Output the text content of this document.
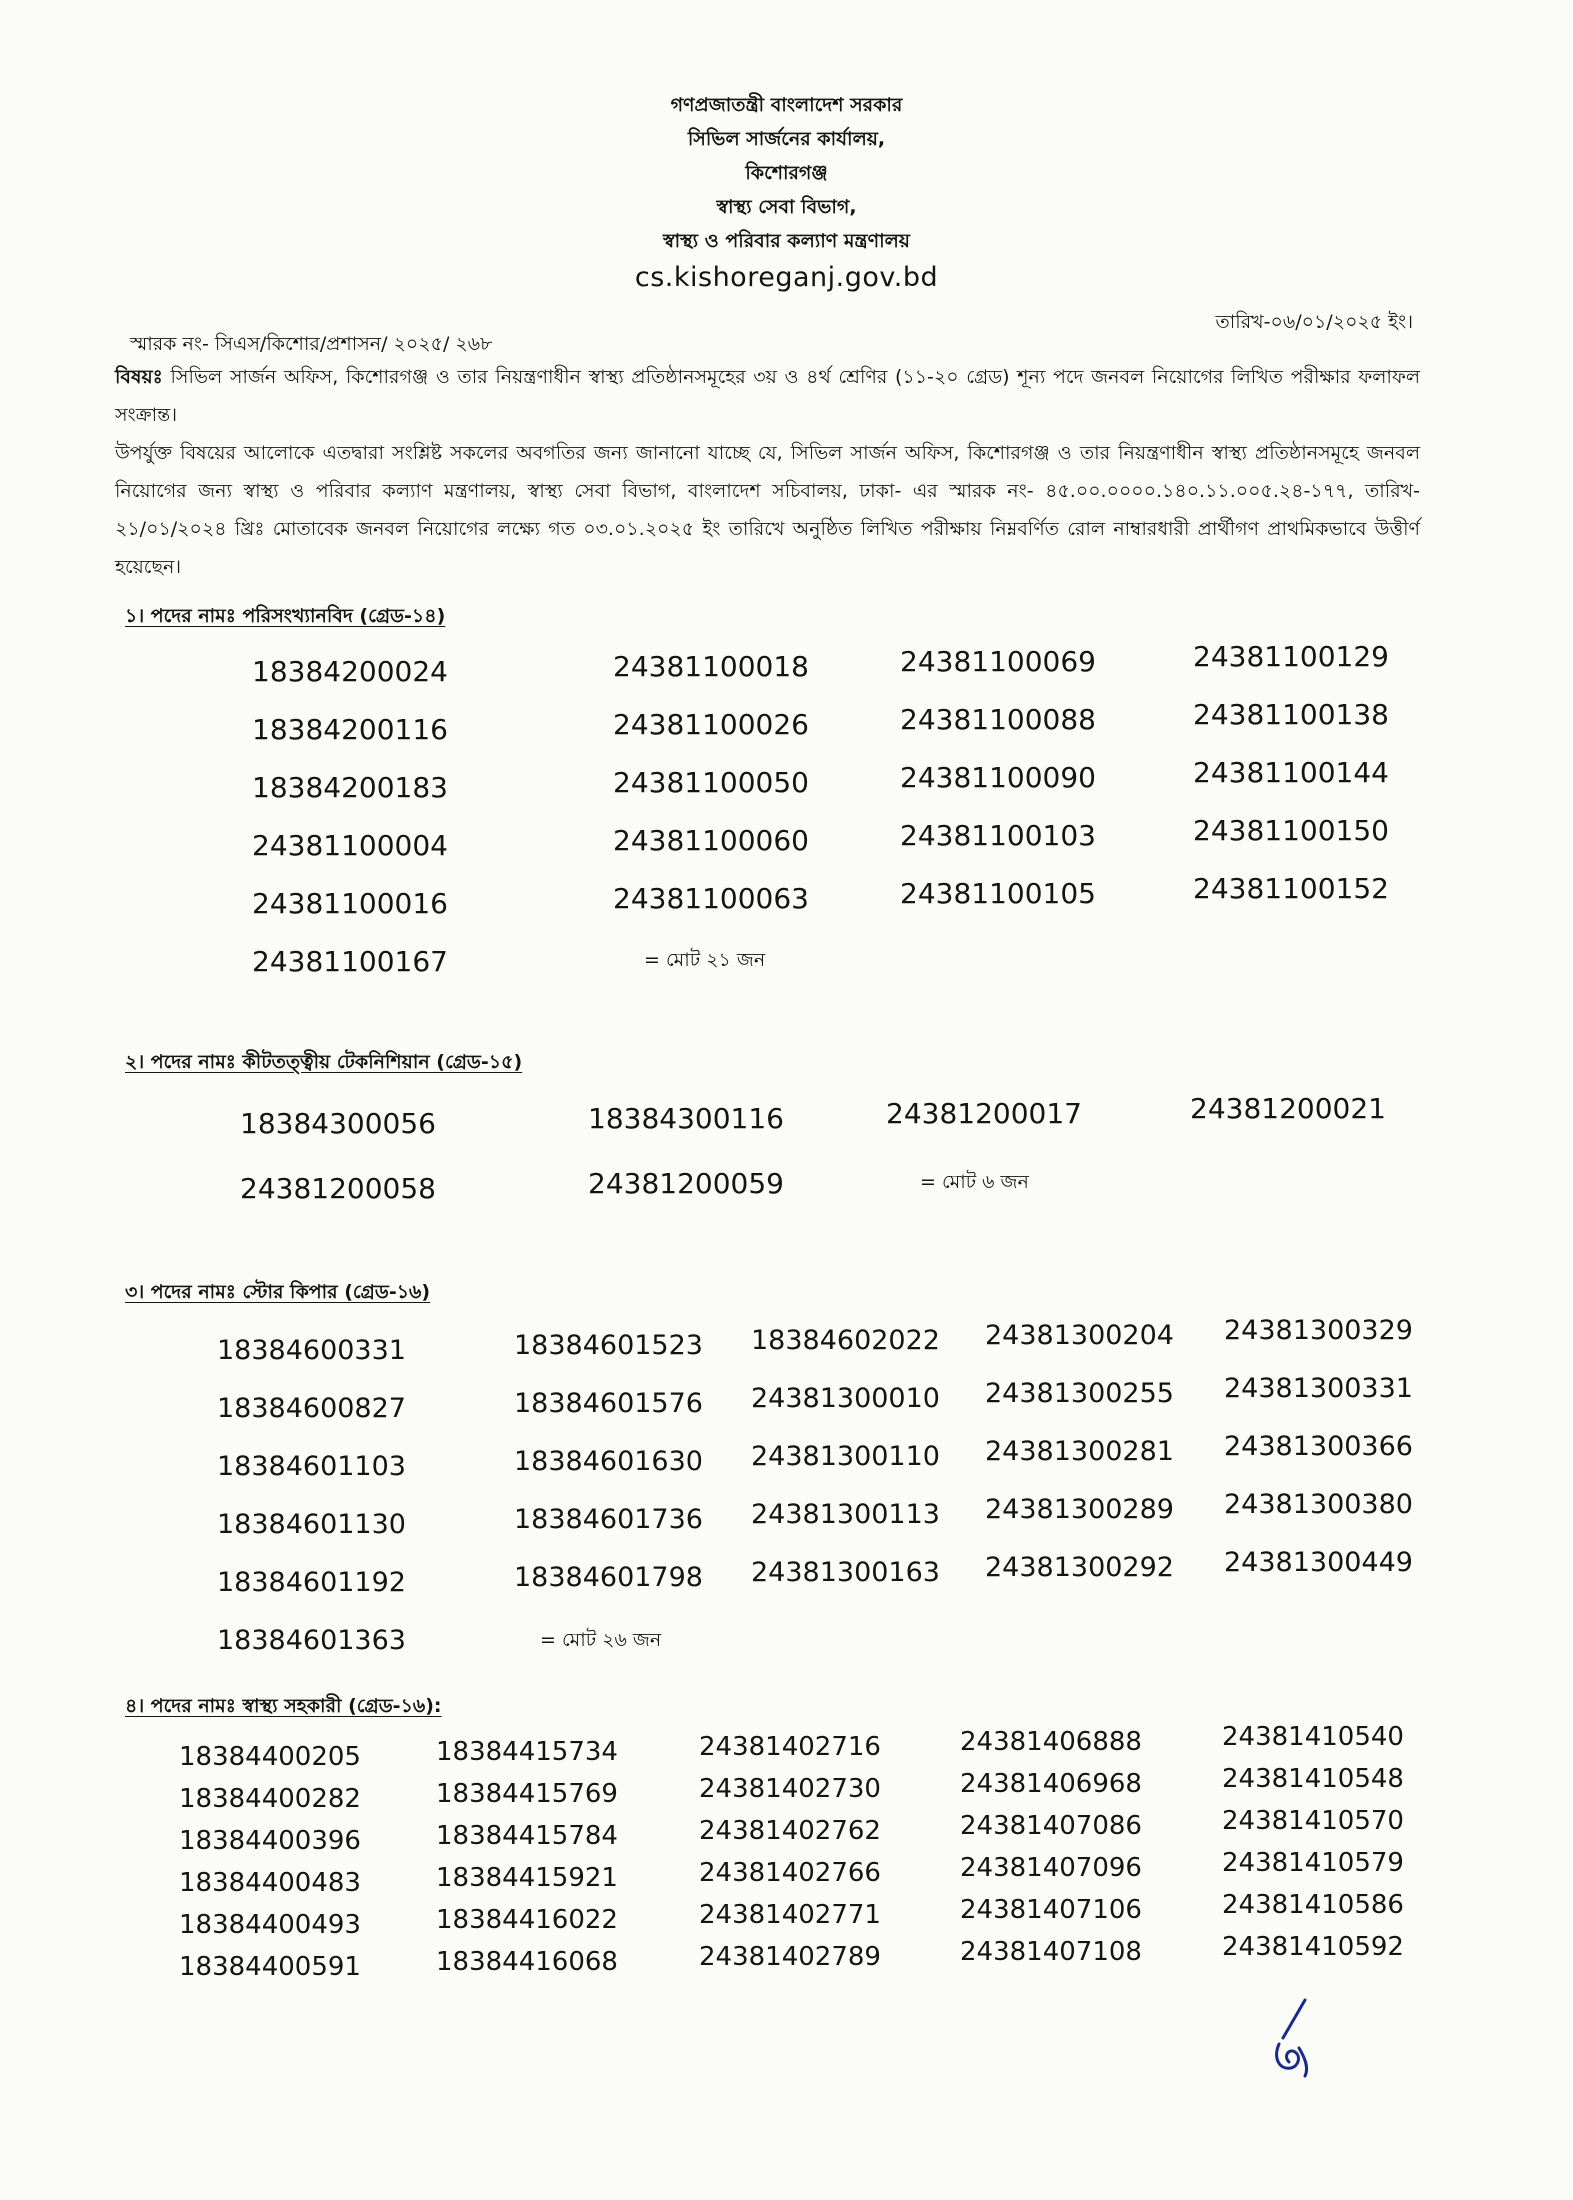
গণপ্রজাতন্ত্রী বাংলাদেশ সরকার
সিভিল সার্জনের কার্যালয়,
কিশোরগঞ্জ
স্বাস্থ্য সেবা বিভাগ,
স্বাস্থ্য ও পরিবার কল্যাণ মন্ত্রণালয়
cs.kishoreganj.gov.bd
স্মারক নং- সিএস/কিশোর/প্রশাসন/ ২০২৫/ ২৬৮
তারিখ-০৬/০১/২০২৫ ইং।
বিষয়ঃ সিভিল সার্জন অফিস, কিশোরগঞ্জ ও তার নিয়ন্ত্রণাধীন স্বাস্থ্য প্রতিষ্ঠানসমূহের ৩য় ও ৪র্থ শ্রেণির (১১-২০ গ্রেড) শূন্য পদে জনবল নিয়োগের লিখিত পরীক্ষার ফলাফল সংক্রান্ত।
উপর্যুক্ত বিষয়ের আলোকে এতদ্বারা সংশ্লিষ্ট সকলের অবগতির জন্য জানানো যাচ্ছে যে, সিভিল সার্জন অফিস, কিশোরগঞ্জ ও তার নিয়ন্ত্রণাধীন স্বাস্থ্য প্রতিষ্ঠানসমূহে জনবল নিয়োগের জন্য স্বাস্থ্য ও পরিবার কল্যাণ মন্ত্রণালয়, স্বাস্থ্য সেবা বিভাগ, বাংলাদেশ সচিবালয়, ঢাকা- এর স্মারক নং- ৪৫.০০.০০০০.১৪০.১১.০০৫.২৪-১৭৭, তারিখ- ২১/০১/২০২৪ খ্রিঃ মোতাবেক জনবল নিয়োগের লক্ষ্যে গত ০৩.০১.২০২৫ ইং তারিখে অনুষ্ঠিত লিখিত পরীক্ষায় নিম্নবর্ণিত রোল নাম্বারধারী প্রার্থীগণ প্রাথমিকভাবে উত্তীর্ণ হয়েছেন।
১। পদের নামঃ পরিসংখ্যানবিদ (গ্রেড-১৪)
18384200024
18384200116
18384200183
24381100004
24381100016
24381100167
24381100018
24381100026
24381100050
24381100060
24381100063
24381100069
24381100088
24381100090
24381100103
24381100105
24381100129
24381100138
24381100144
24381100150
24381100152
= মোট ২১ জন
২। পদের নামঃ কীটতত্ত্বীয় টেকনিশিয়ান (গ্রেড-১৫)
18384300056
24381200058
18384300116
24381200059
24381200017	24381200021
= মোট ৬ জন
৩। পদের নামঃ স্টোর কিপার (গ্রেড-১৬)
18384600331
18384600827
18384601103
18384601130
18384601192
18384601363
18384601523
18384601576
18384601630
18384601736
18384601798
18384602022
24381300010
24381300110
24381300113
24381300163
24381300204
24381300255
24381300281
24381300289
24381300292
24381300329
24381300331
24381300366
24381300380
24381300449
= মোট ২৬ জন
৪। পদের নামঃ স্বাস্থ্য সহকারী (গ্রেড-১৬):
18384400205
18384400282
18384400396
18384400483
18384400493
18384400591
18384415734
18384415769
18384415784
18384415921
18384416022
18384416068
24381402716
24381402730
24381402762
24381402766
24381402771
24381402789
24381406888
24381406968
24381407086
24381407096
24381407106
24381407108
24381410540
24381410548
24381410570
24381410579
24381410586
24381410592
